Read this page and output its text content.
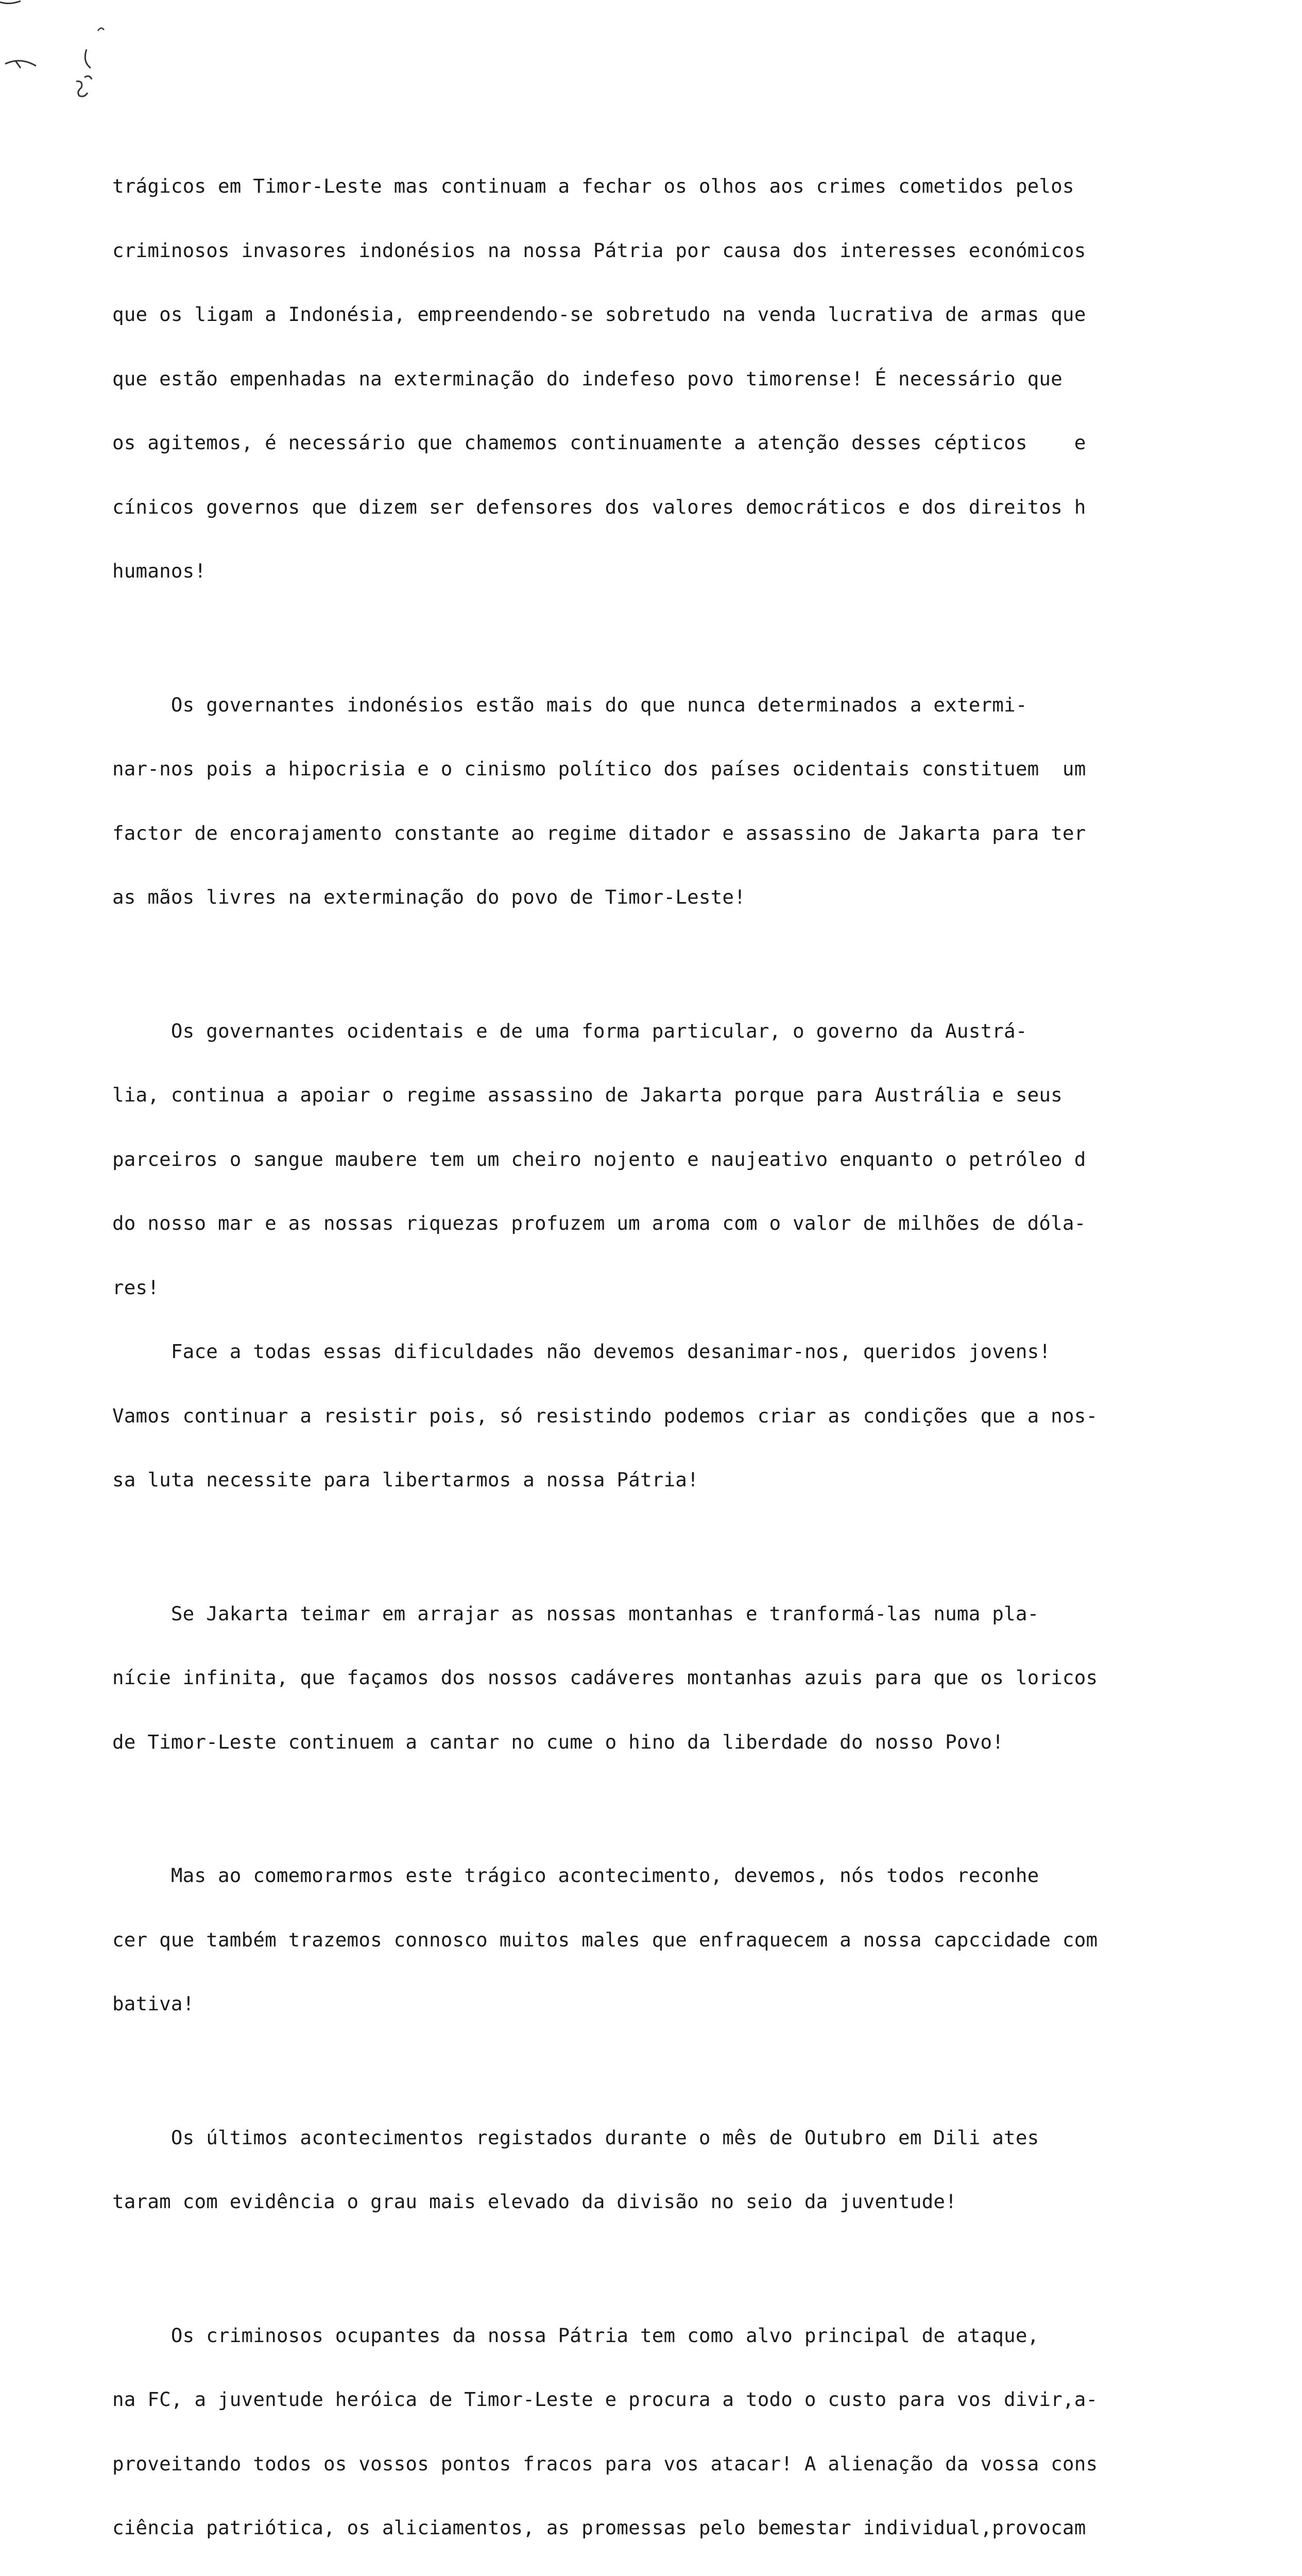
trágicos em Timor-Leste mas continuam a fechar os olhos aos crimes cometidos pelos

criminosos invasores indonésios na nossa Pátria por causa dos interesses económicos

que os ligam a Indonésia, empreendendo-se sobretudo na venda lucrativa de armas que

que estão empenhadas na exterminação do indefeso povo timorense! É necessário que

os agitemos, é necessário que chamemos continuamente a atenção desses cépticos    e

cínicos governos que dizem ser defensores dos valores democráticos e dos direitos h

humanos!

Os governantes indonésios estão mais do que nunca determinados a extermi-

nar-nos pois a hipocrisia e o cinismo político dos países ocidentais constituem  um

factor de encorajamento constante ao regime ditador e assassino de Jakarta para ter

as mãos livres na exterminação do povo de Timor-Leste!

Os governantes ocidentais e de uma forma particular, o governo da Austrá-

lia, continua a apoiar o regime assassino de Jakarta porque para Austrália e seus

parceiros o sangue maubere tem um cheiro nojento e naujeativo enquanto o petróleo d

do nosso mar e as nossas riquezas profuzem um aroma com o valor de milhões de dóla-

res!

Face a todas essas dificuldades não devemos desanimar-nos, queridos jovens!

Vamos continuar a resistir pois, só resistindo podemos criar as condições que a nos-

sa luta necessite para libertarmos a nossa Pátria!

Se Jakarta teimar em arrajar as nossas montanhas e tranformá-las numa pla-

nície infinita, que façamos dos nossos cadáveres montanhas azuis para que os loricos

de Timor-Leste continuem a cantar no cume o hino da liberdade do nosso Povo!

Mas ao comemorarmos este trágico acontecimento, devemos, nós todos reconhe

cer que também trazemos connosco muitos males que enfraquecem a nossa capccidade com

bativa!

Os últimos acontecimentos registados durante o mês de Outubro em Dili ates

taram com evidência o grau mais elevado da divisão no seio da juventude!

Os criminosos ocupantes da nossa Pátria tem como alvo principal de ataque,

na FC, a juventude heróica de Timor-Leste e procura a todo o custo para vos divir,a-

proveitando todos os vossos pontos fracos para vos atacar! A alienação da vossa cons

ciência patriótica, os aliciamentos, as promessas pelo bemestar individual,provocam
